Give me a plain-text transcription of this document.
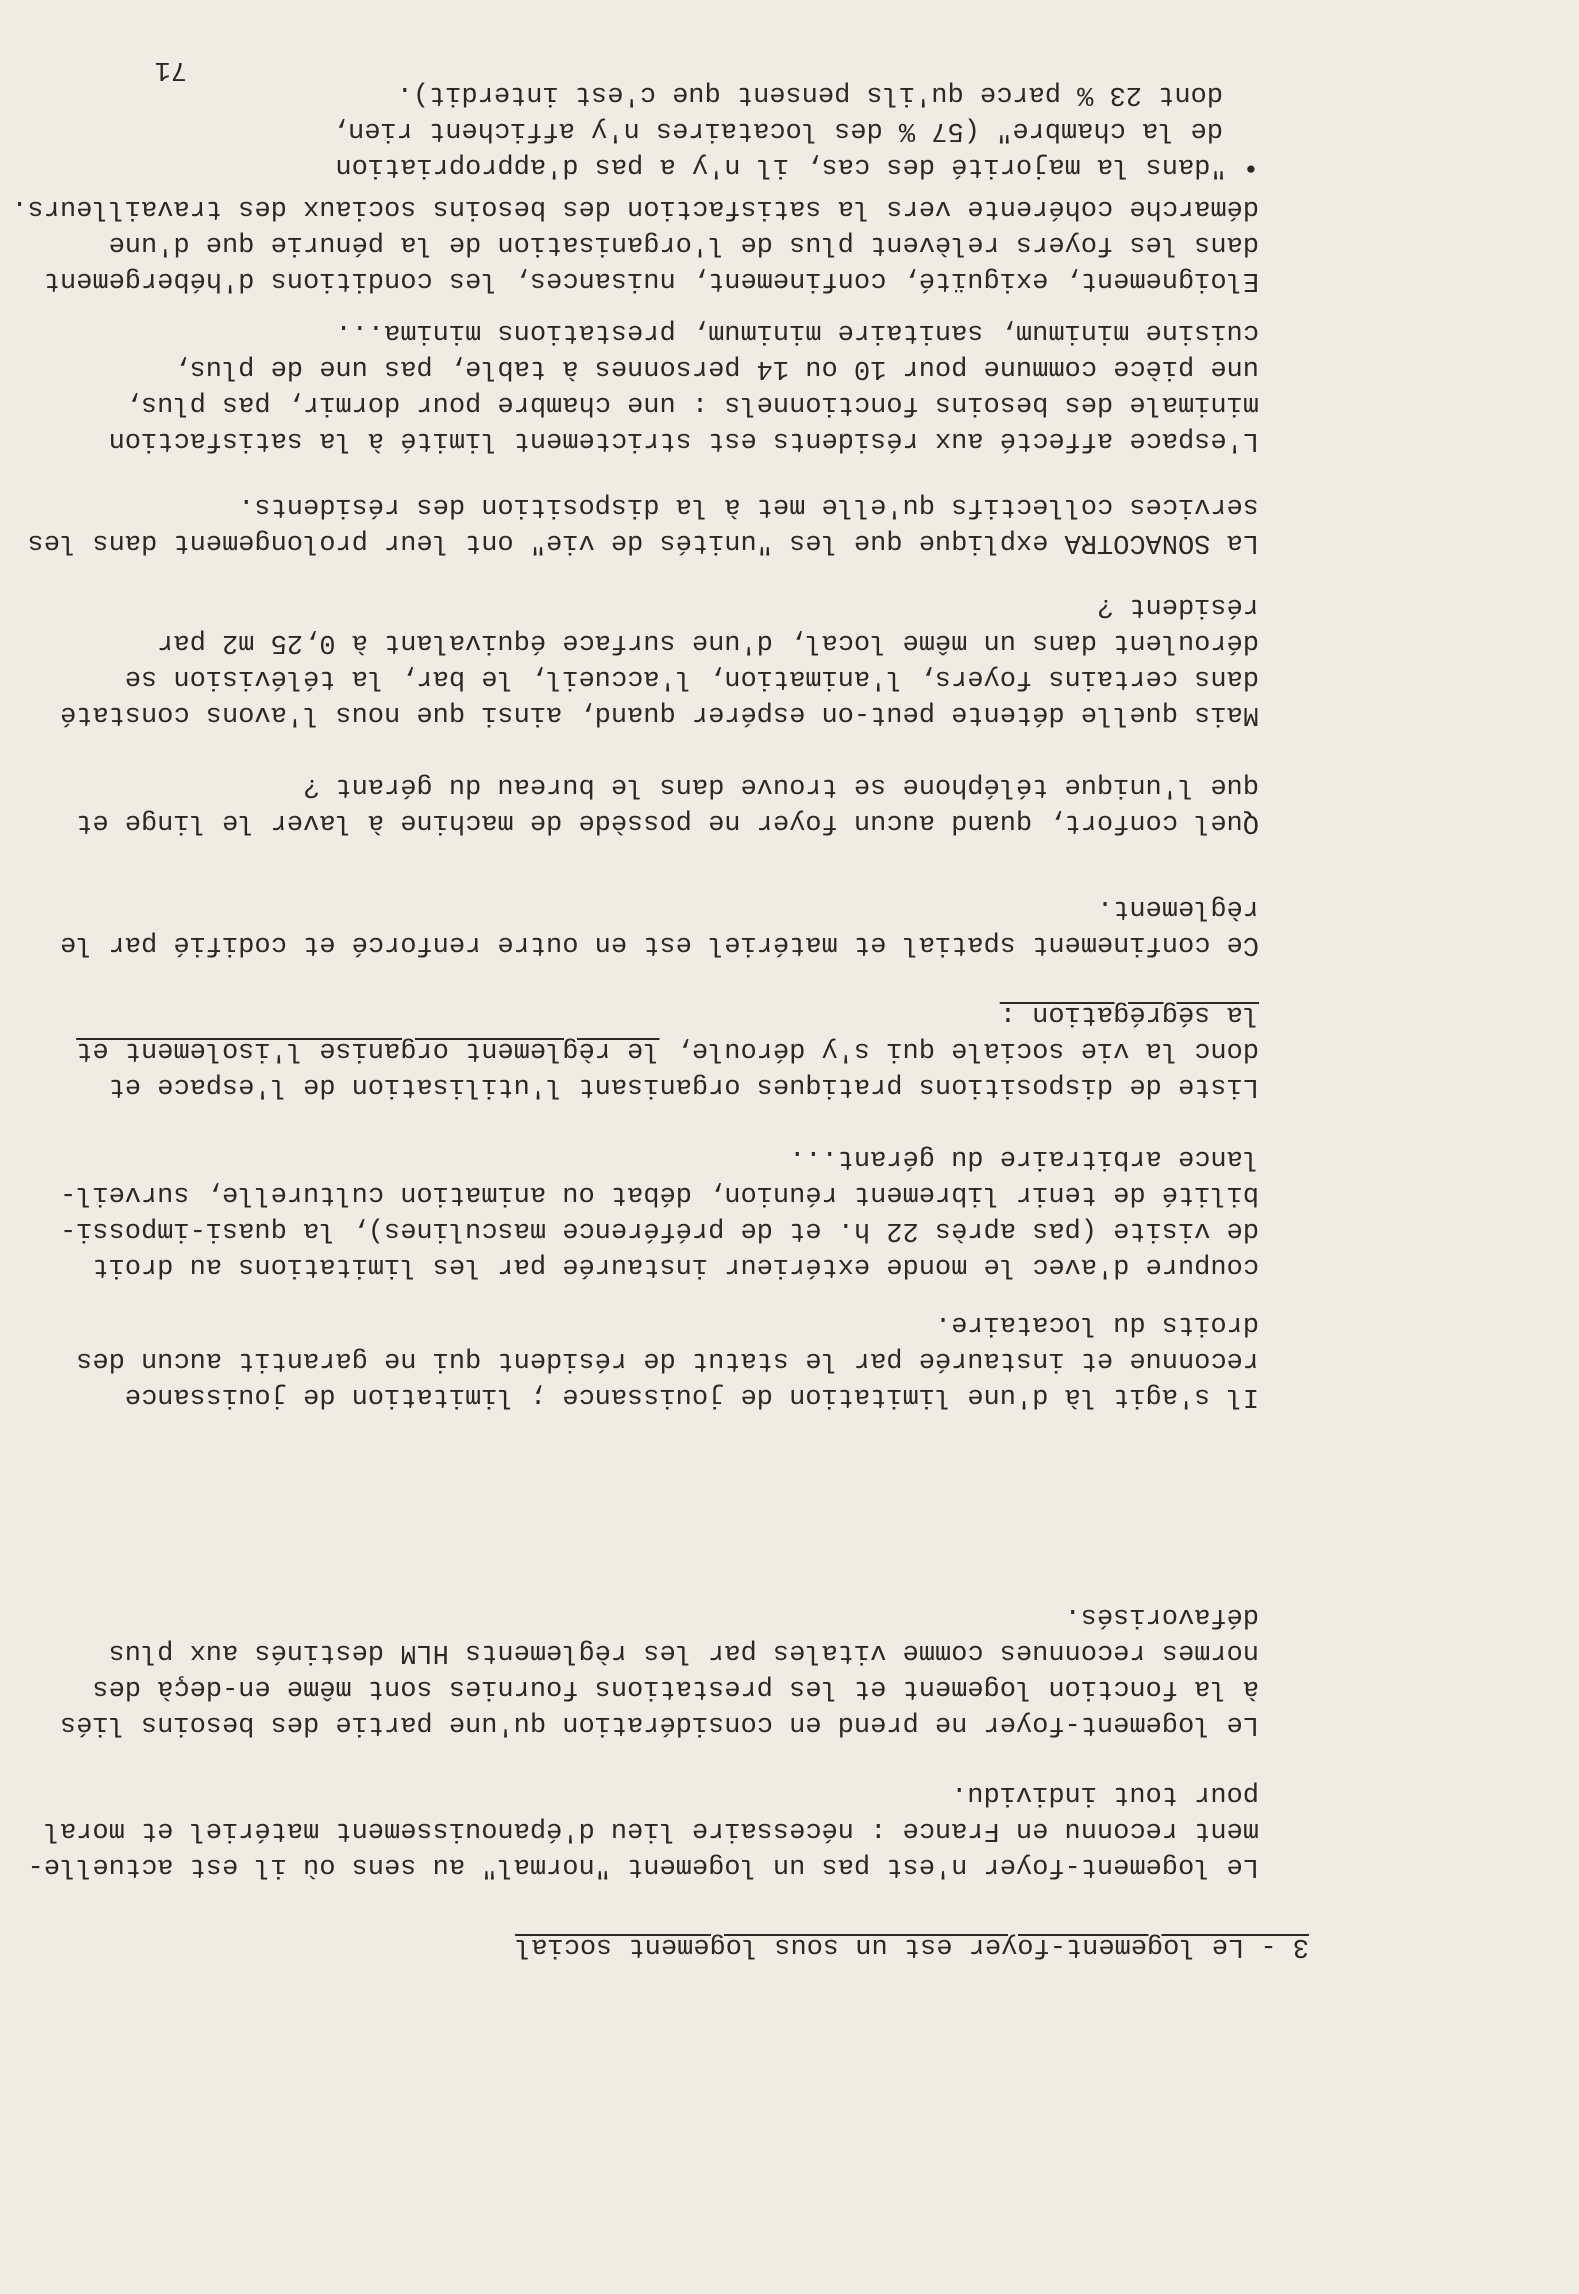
71
3 - Le logement-foyer est un sous logement social
Le logement-foyer n'est pas un logement "normal" au sens où il est actuelle-
ment reconnu en France : nécessaire lieu d'épanouissement matériel et moral
pour tout individu.
Le logement-foyer ne prend en considération qu'une partie des besoins liés
à la fonction logement et les prestations fournies sont même en-deçà des
normes reconnues comme vitales par les règlements HLM destinés aux plus
défavorisés.
Il s'agit là d'une limitation de jouissance ; limitation de jouissance
reconnue et instaurée par le statut de résident qui ne garantit aucun des
droits du locataire.
coupure d'avec le monde extérieur instaurée par les limitations au droit
de visite (pas après 22 h. et de préférence masculines), la quasi-impossi-
bilité de tenir librement réunion, débat ou animation culturelle, surveil-
lance arbitraire du gérant...
Liste de dispositions pratiques organisant l'utilisation de l'espace et
donc la vie sociale qui s'y déroule, le règlement organise l'isolement et
la ségrégation :
Ce confinement spatial et matériel est en outre renforcé et codifié par le
règlement.
Quel confort, quand aucun foyer ne possède de machine à laver le linge et
que l'unique téléphone se trouve dans le bureau du gérant ?
Mais quelle détente peut-on espérer quand, ainsi que nous l'avons constaté
dans certains foyers, l'animation, l'accueil, le bar, la télévision se
déroulent dans un même local, d'une surface équivalant à 0,25 m2 par
résident ?
La SONACOTRA explique que les "unités de vie" ont leur prolongement dans les
services collectifs qu'elle met à la disposition des résidents.
L'espace affecté aux résidents est strictement limité à la satisfaction
minimale des besoins fonctionnels : une chambre pour dormir, pas plus,
une pièce commune pour 10 ou 14 personnes à table, pas une de plus,
cuisine minimum, sanitaire minimum, prestations minima...
Eloignement, exiguïté, confinement, nuisances, les conditions d'hébergement
dans les foyers relèvent plus de l'organisation de la pénurie que d'une
démarche cohérente vers la satisfaction des besoins sociaux des travailleurs.
• "dans la majorité des cas, il n'y a pas d'appropriation
de la chambre" (57 % des locataires n'y affichent rien,
dont 23 % parce qu'ils pensent que c'est interdit).
